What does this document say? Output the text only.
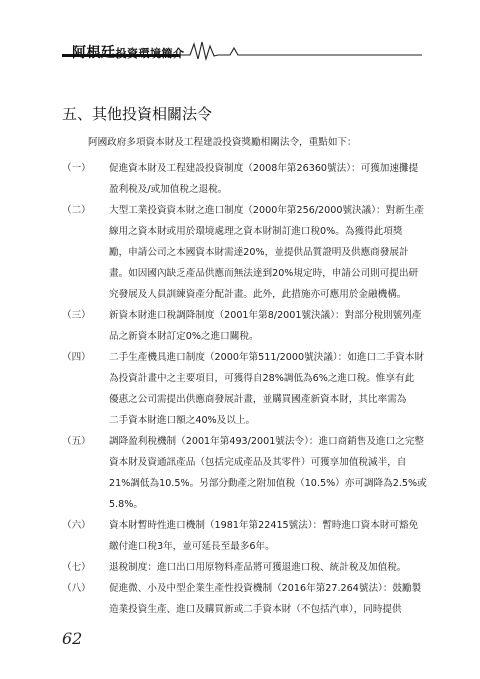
阿根廷投資環境簡介
五、其他投資相關法令
阿國政府多項資本財及工程建設投資獎勵相關法令，重點如下：
（一）	促進資本財及工程建設投資制度（2008年第26360號法）：可獲加速攤提
盈利稅及/或加值稅之退稅。
（二）	大型工業投資資本財之進口制度（2000年第256/2000號決議）：對新生產
線用之資本財或用於環境處理之資本財制訂進口稅0%。為獲得此項獎
勵，申請公司之本國資本財需達20%，並提供品質證明及供應商發展計
畫。如因國內缺乏產品供應而無法達到20%規定時，申請公司則可提出研
究發展及人員訓練資產分配計畫。此外，此措施亦可應用於金融機構。
（三）	新資本財進口稅調降制度（2001年第8/2001號決議）：對部分稅則號列產
品之新資本財訂定0%之進口關稅。
（四）	二手生產機具進口制度（2000年第511/2000號決議）：如進口二手資本財
為投資計畫中之主要項目，可獲得自28%調低為6%之進口稅。惟享有此
優惠之公司需提出供應商發展計畫，並購買國產新資本財，其比率需為
二手資本財進口額之40%及以上。
（五）	調降盈利稅機制（2001年第493/2001號法令）：進口商銷售及進口之完整
資本財及資通訊產品（包括完成產品及其零件）可獲享加值稅減半，自
21%調低為10.5%。另部分動產之附加值稅（10.5%）亦可調降為2.5%或
5.8%。
（六）	資本財暫時性進口機制（1981年第22415號法）：暫時進口資本財可豁免
繳付進口稅3年，並可延長至最多6年。
（七）	退稅制度：進口出口用原物料產品將可獲退進口稅、統計稅及加值稅。
（八）	促進微、小及中型企業生產性投資機制（2016年第27.264號法）：鼓勵製
造業投資生產、進口及購買新或二手資本財（不包括汽車），同時提供
62
